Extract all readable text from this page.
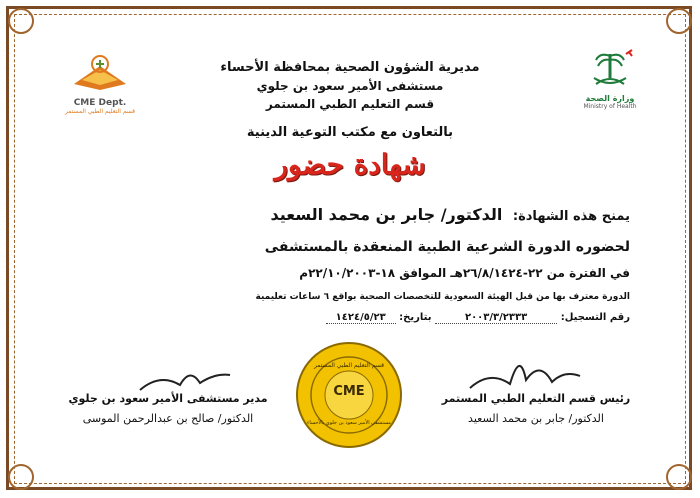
CME Dept.
قسم التعليم الطبي المستمر
وزارة الصحة
Ministry of Health
مديرية الشؤون الصحية بمحافظة الأحساء
مستشفى الأمير سعود بن جلوي
قسم التعليم الطبي المستمر
بالتعاون مع مكتب التوعية الدينية
شهادة حضور
يمنح هذه الشهادة: الدكتور/ جابر بن محمد السعيد
لحضوره الدورة الشرعية الطبية المنعقدة بالمستشفى
في الفترة من ٢٢-٢٦/٨/١٤٢٤هـ الموافق ١٨-٢٢/١٠/٢٠٠٣م
الدورة معترف بها من قبل الهيئة السعودية للتخصصات الصحية بواقع ٦ ساعات تعليمية
رقم التسجيل: ٢٠٠٣/٣/٢٣٣٣ بتاريخ: ١٤٢٤/٥/٢٣
CME
قسم التعليم الطبي المستمر
مستشفى الأمير سعود بن جلوي بالأحساء
رئيس قسم التعليم الطبي المستمر
الدكتور/ جابر بن محمد السعيد
مدير مستشفى الأمير سعود بن جلوي
الدكتور/ صالح بن عبدالرحمن الموسى
